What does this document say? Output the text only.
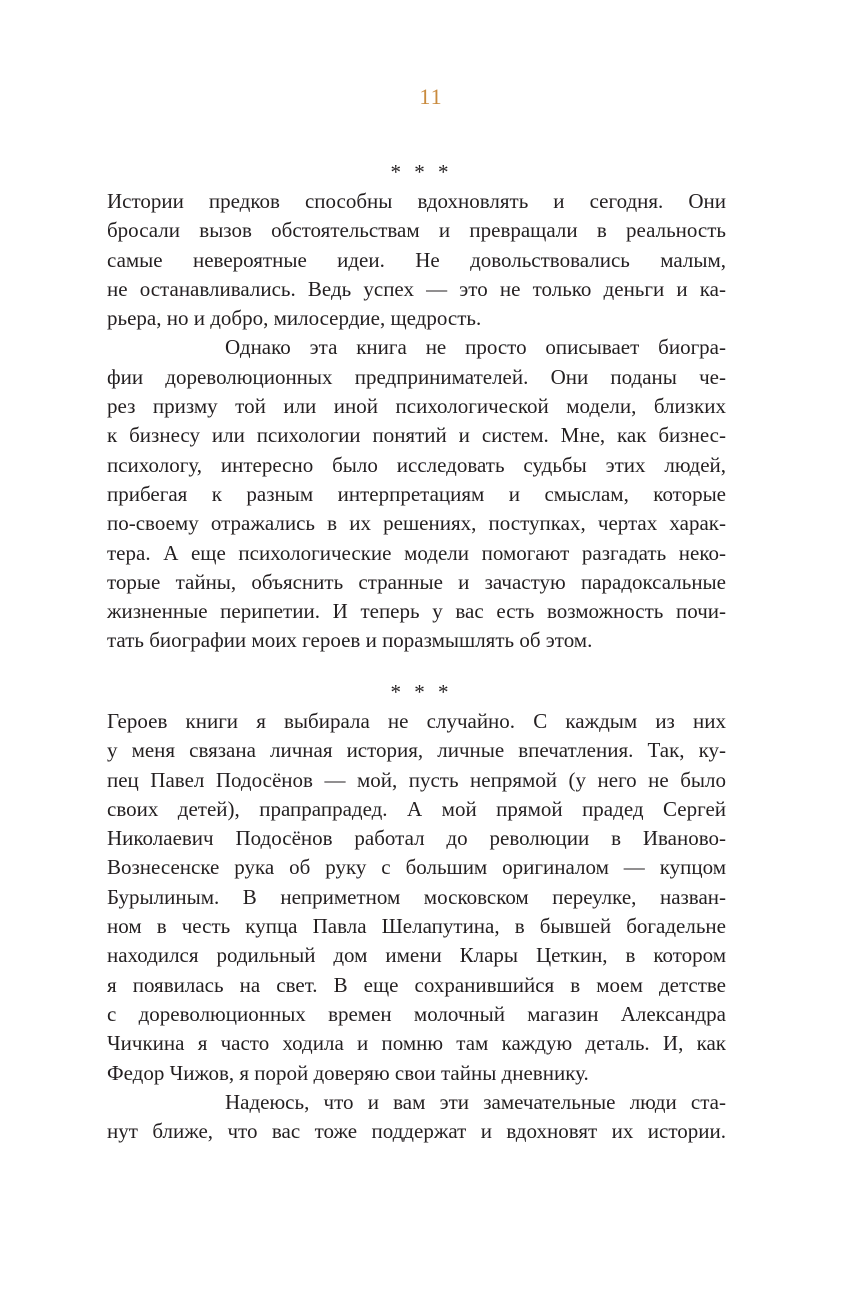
11
* * *
Истории предков способны вдохновлять и сегодня. Они
бросали вызов обстоятельствам и превращали в реальность
самые невероятные идеи. Не довольствовались малым,
не останавливались. Ведь успех — это не только деньги и ка-
рьера, но и добро, милосердие, щедрость.
Однако эта книга не просто описывает биогра-
фии дореволюционных предпринимателей. Они поданы че-
рез призму той или иной психологической модели, близких
к бизнесу или психологии понятий и систем. Мне, как бизнес-
психологу, интересно было исследовать судьбы этих людей,
прибегая к разным интерпретациям и смыслам, которые
по-своему отражались в их решениях, поступках, чертах харак-
тера. А еще психологические модели помогают разгадать неко-
торые тайны, объяснить странные и зачастую парадоксальные
жизненные перипетии. И теперь у вас есть возможность почи-
тать биографии моих героев и поразмышлять об этом.
* * *
Героев книги я выбирала не случайно. С каждым из них
у меня связана личная история, личные впечатления. Так, ку-
пец Павел Подосёнов — мой, пусть непрямой (у него не было
своих детей), прапрапрадед. А мой прямой прадед Сергей
Николаевич Подосёнов работал до революции в Иваново-
Вознесенске рука об руку с большим оригиналом — купцом
Бурылиным. В неприметном московском переулке, назван-
ном в честь купца Павла Шелапутина, в бывшей богадельне
находился родильный дом имени Клары Цеткин, в котором
я появилась на свет. В еще сохранившийся в моем детстве
с дореволюционных времен молочный магазин Александра
Чичкина я часто ходила и помню там каждую деталь. И, как
Федор Чижов, я порой доверяю свои тайны дневнику.
Надеюсь, что и вам эти замечательные люди ста-
нут ближе, что вас тоже поддержат и вдохновят их истории.
